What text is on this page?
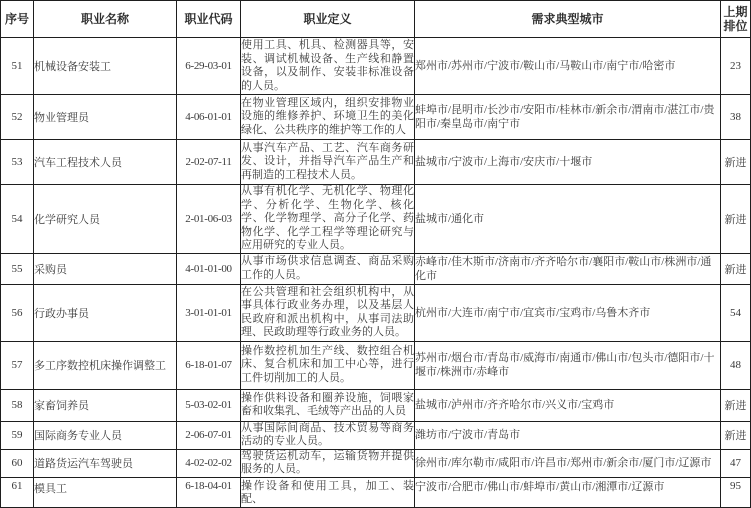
序号	职业名称	职业代码	职业定义	需求典型城市	上期排位
51	机械设备安装工	6-29-03-01	使用工具、机具、检测器具等，安装、调试机械设备、生产线和静置设备，以及制作、安装非标准设备的人员。	郑州市/苏州市/宁波市/鞍山市/马鞍山市/南宁市/哈密市	23
52	物业管理员	4-06-01-01	在物业管理区域内，组织安排物业设施的维修养护、环境卫生的美化绿化、公共秩序的维护等工作的人	蚌埠市/昆明市/长沙市/安阳市/桂林市/新余市/渭南市/湛江市/贵阳市/秦皇岛市/南宁市	38
53	汽车工程技术人员	2-02-07-11	从事汽车产品、工艺、汽车商务研发、设计，并指导汽车产品生产和再制造的工程技术人员。	盐城市/宁波市/上海市/安庆市/十堰市	新进
54	化学研究人员	2-01-06-03	从事有机化学、无机化学、物理化学、分析化学、生物化学、核化学、化学物理学、高分子化学、药物化学、化学工程学等理论研究与应用研究的专业人员。	盐城市/通化市	新进
55	采购员	4-01-01-00	从事市场供求信息调查、商品采购工作的人员。	赤峰市/佳木斯市/济南市/齐齐哈尔市/襄阳市/鞍山市/株洲市/通化市	新进
56	行政办事员	3-01-01-01	在公共管理和社会组织机构中，从事具体行政业务办理，以及基层人民政府和派出机构中，从事司法助理、民政助理等行政业务的人员。	杭州市/大连市/南宁市/宜宾市/宝鸡市/乌鲁木齐市	54
57	多工序数控机床操作调整工	6-18-01-07	操作数控机加生产线、数控组合机床、复合机床和加工中心等，进行工件切削加工的人员。	苏州市/烟台市/青岛市/威海市/南通市/佛山市/包头市/德阳市/十堰市/株洲市/赤峰市	48
58	家畜饲养员	5-03-02-01	操作供料设备和圈养设施，饲喂家畜和收集乳、毛绒等产出品的人员	盐城市/泸州市/齐齐哈尔市/兴义市/宝鸡市	新进
59	国际商务专业人员	2-06-07-01	从事国际间商品、技术贸易等商务活动的专业人员。	潍坊市/宁波市/青岛市	新进
60	道路货运汽车驾驶员	4-02-02-02	驾驶货运机动车，运输货物并提供服务的人员。	徐州市/库尔勒市/咸阳市/许昌市/郑州市/新余市/厦门市/辽源市	47
61	模具工	6-18-04-01	操作设备和使用工具，加工、装配、	宁波市/合肥市/佛山市/蚌埠市/黄山市/湘潭市/辽源市	95
